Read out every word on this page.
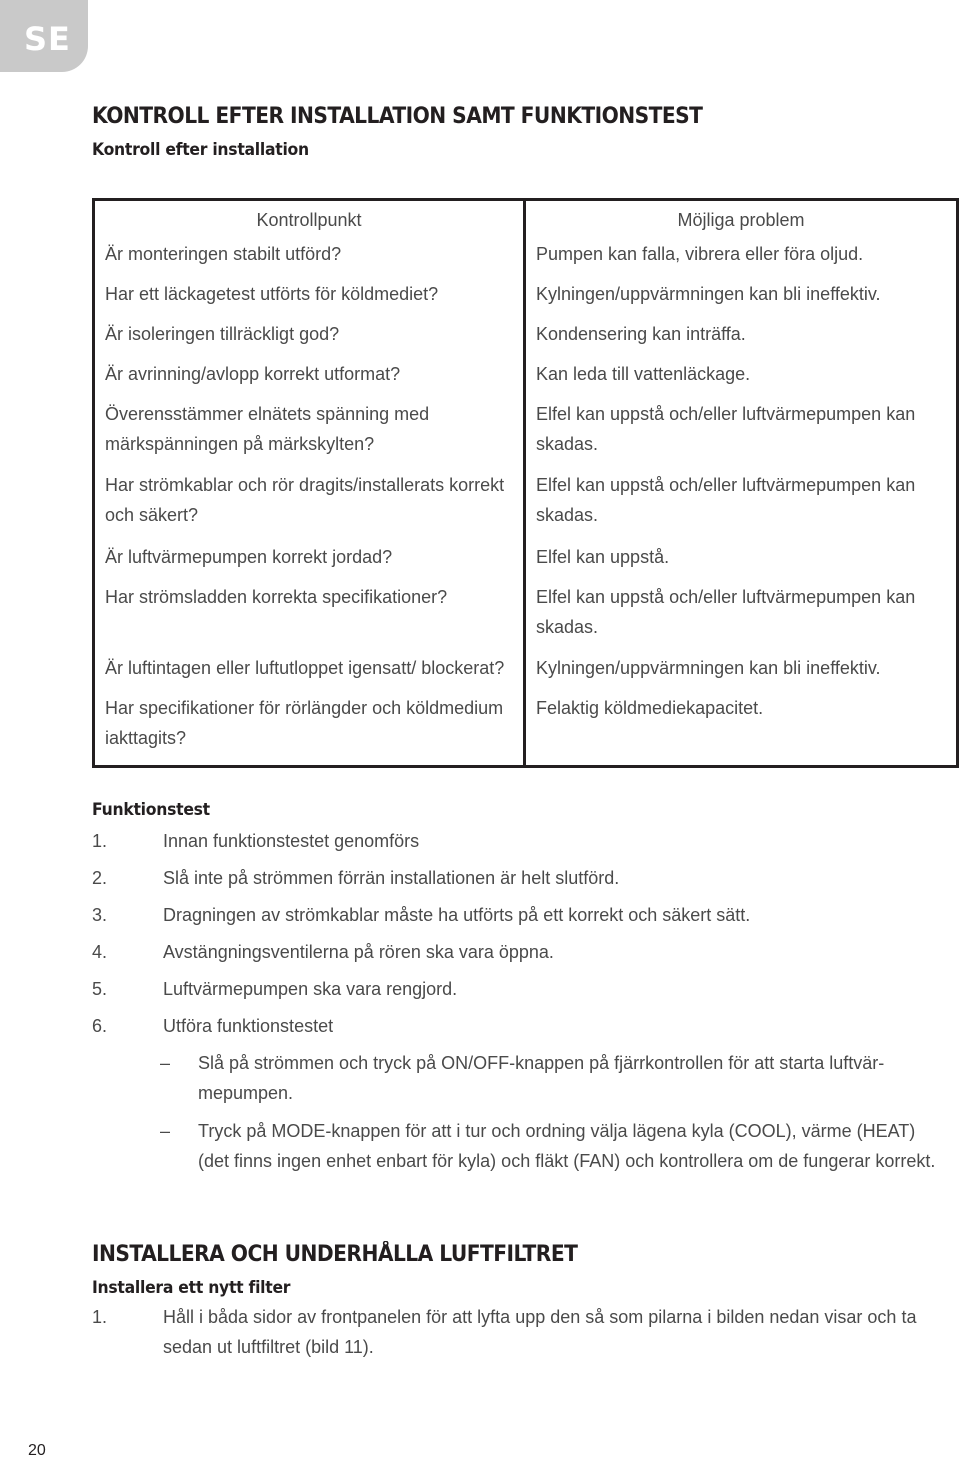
SE
KONTROLL EFTER INSTALLATION SAMT FUNKTIONSTEST
Kontroll efter installation
Kontrollpunkt	Möjliga problem
Är monteringen stabilt utförd?	Pumpen kan falla, vibrera eller föra oljud.
Har ett läckagetest utförts för köldmediet?	Kylningen/uppvärmningen kan bli ineffektiv.
Är isoleringen tillräckligt god?	Kondensering kan inträffa.
Är avrinning/avlopp korrekt utformat?	Kan leda till vattenläckage.
Överensstämmer elnätets spänning med märkspänningen på märkskylten?	Elfel kan uppstå och/eller luftvärmepumpen kan skadas.
Har strömkablar och rör dragits/installerats korrekt och säkert?	Elfel kan uppstå och/eller luftvärmepumpen kan skadas.
Är luftvärmepumpen korrekt jordad?	Elfel kan uppstå.
Har strömsladden korrekta specifikationer?	Elfel kan uppstå och/eller luftvärmepumpen kan skadas.
Är luftintagen eller luftutloppet igensatt/ blockerat?	Kylningen/uppvärmningen kan bli ineffektiv.
Har specifikationer för rörlängder och köldmedium iakttagits?	Felaktig köldmediekapacitet.
Funktionstest
1.	Innan funktionstestet genomförs
2.	Slå inte på strömmen förrän installationen är helt slutförd.
3.	Dragningen av strömkablar måste ha utförts på ett korrekt och säkert sätt.
4.	Avstängningsventilerna på rören ska vara öppna.
5.	Luftvärmepumpen ska vara rengjord.
6.	Utföra funktionstestet
– Slå på strömmen och tryck på ON/OFF-knappen på fjärrkontrollen för att starta luftvär-mepumpen.
– Tryck på MODE-knappen för att i tur och ordning välja lägena kyla (COOL), värme (HEAT) (det finns ingen enhet enbart för kyla) och fläkt (FAN) och kontrollera om de fungerar korrekt.
INSTALLERA OCH UNDERHÅLLA LUFTFILTRET
Installera ett nytt filter
1.	Håll i båda sidor av frontpanelen för att lyfta upp den så som pilarna i bilden nedan visar och ta sedan ut luftfiltret (bild 11).
20
